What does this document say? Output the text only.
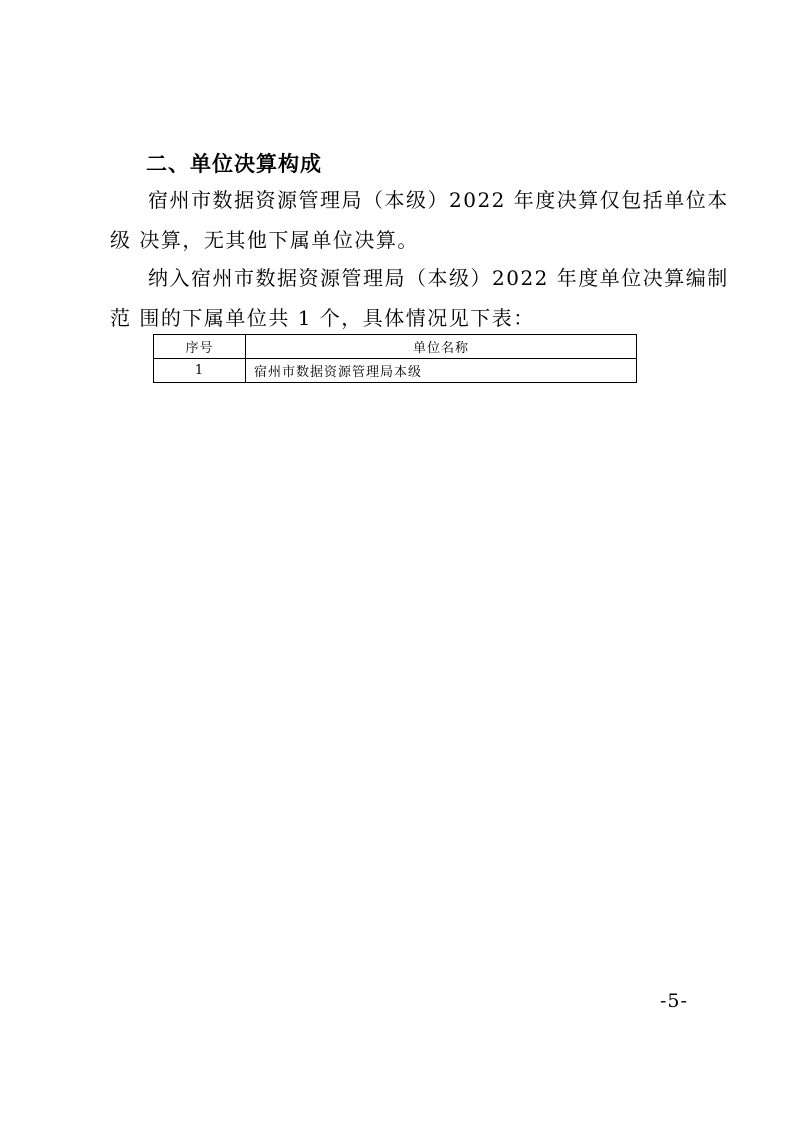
二、单位决算构成
宿州市数据资源管理局（本级）2022 年度决算仅包括单位本
级 决算，无其他下属单位决算。
纳入宿州市数据资源管理局（本级）2022 年度单位决算编制
范 围的下属单位共 1 个，具体情况见下表：
序号	单位名称
1	宿州市数据资源管理局本级
-5-
